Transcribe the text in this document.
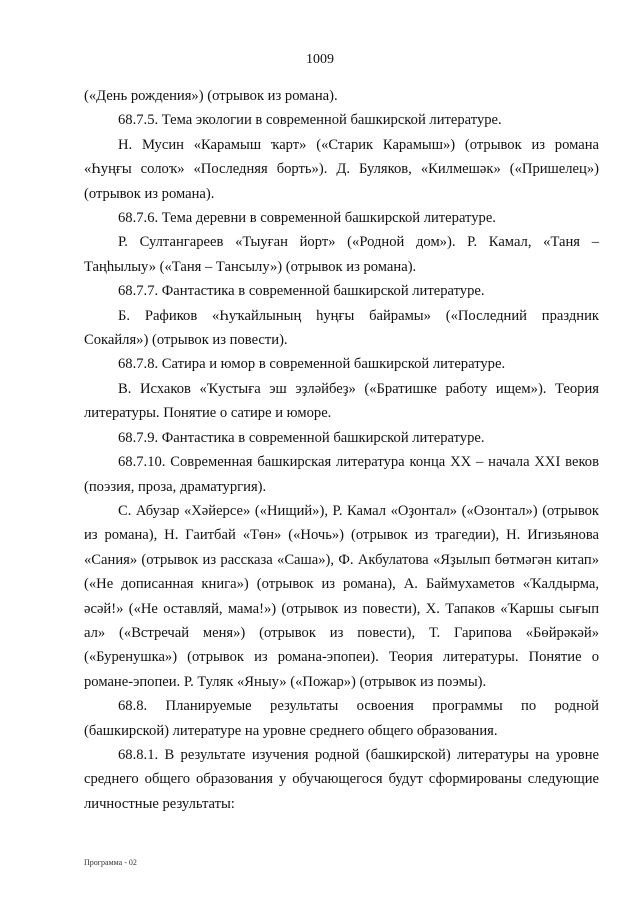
1009

(«День рождения») (отрывок из романа).

68.7.5. Тема экологии в современной башкирской литературе.

Н. Мусин «Карамыш ҡарт» («Старик Карамыш») (отрывок из романа «Һуңғы солоҡ» «Последняя борть»). Д. Буляков, «Килмешәк» («Пришелец») (отрывок из романа).

68.7.6. Тема деревни в современной башкирской литературе.

Р. Султангареев «Тыуған йорт» («Родной дом»). Р. Камал, «Таня – Таңһылыу» («Таня – Тансылу») (отрывок из романа).

68.7.7. Фантастика в современной башкирской литературе.

Б. Рафиков «Һуҡайлының һуңғы байрамы» («Последний праздник Сокайля») (отрывок из повести).

68.7.8. Сатира и юмор в современной башкирской литературе.

В. Исхаков «Ҡустыға эш эҙләйбеҙ» («Братишке работу ищем»). Теория литературы. Понятие о сатире и юморе.

68.7.9. Фантастика в современной башкирской литературе.

68.7.10. Современная башкирская литература конца XX – начала XXI веков (поэзия, проза, драматургия).

С. Абузар «Хәйерсе» («Нищий»), Р. Камал «Оҙонтал» («Озонтал») (отрывок из романа), Н. Гаитбай «Төн» («Ночь») (отрывок из трагедии), Н. Игизьянова «Сания» (отрывок из рассказа «Саша»), Ф. Акбулатова «Яҙылып бөтмәгән китап» («Не дописанная книга») (отрывок из романа), А. Баймухаметов «Ҡалдырма, әсәй!» («Не оставляй, мама!») (отрывок из повести), Х. Тапаков «Ҡаршы сығып ал» («Встречай меня») (отрывок из повести), Т. Гарипова «Бөйрәкәй» («Буренушка») (отрывок из романа-эпопеи). Теория литературы. Понятие о романе-эпопеи. Р. Туляк «Яныу» («Пожар») (отрывок из поэмы).

68.8. Планируемые результаты освоения программы по родной (башкирской) литературе на уровне среднего общего образования.

68.8.1. В результате изучения родной (башкирской) литературы на уровне среднего общего образования у обучающегося будут сформированы следующие личностные результаты:

Программа - 02
